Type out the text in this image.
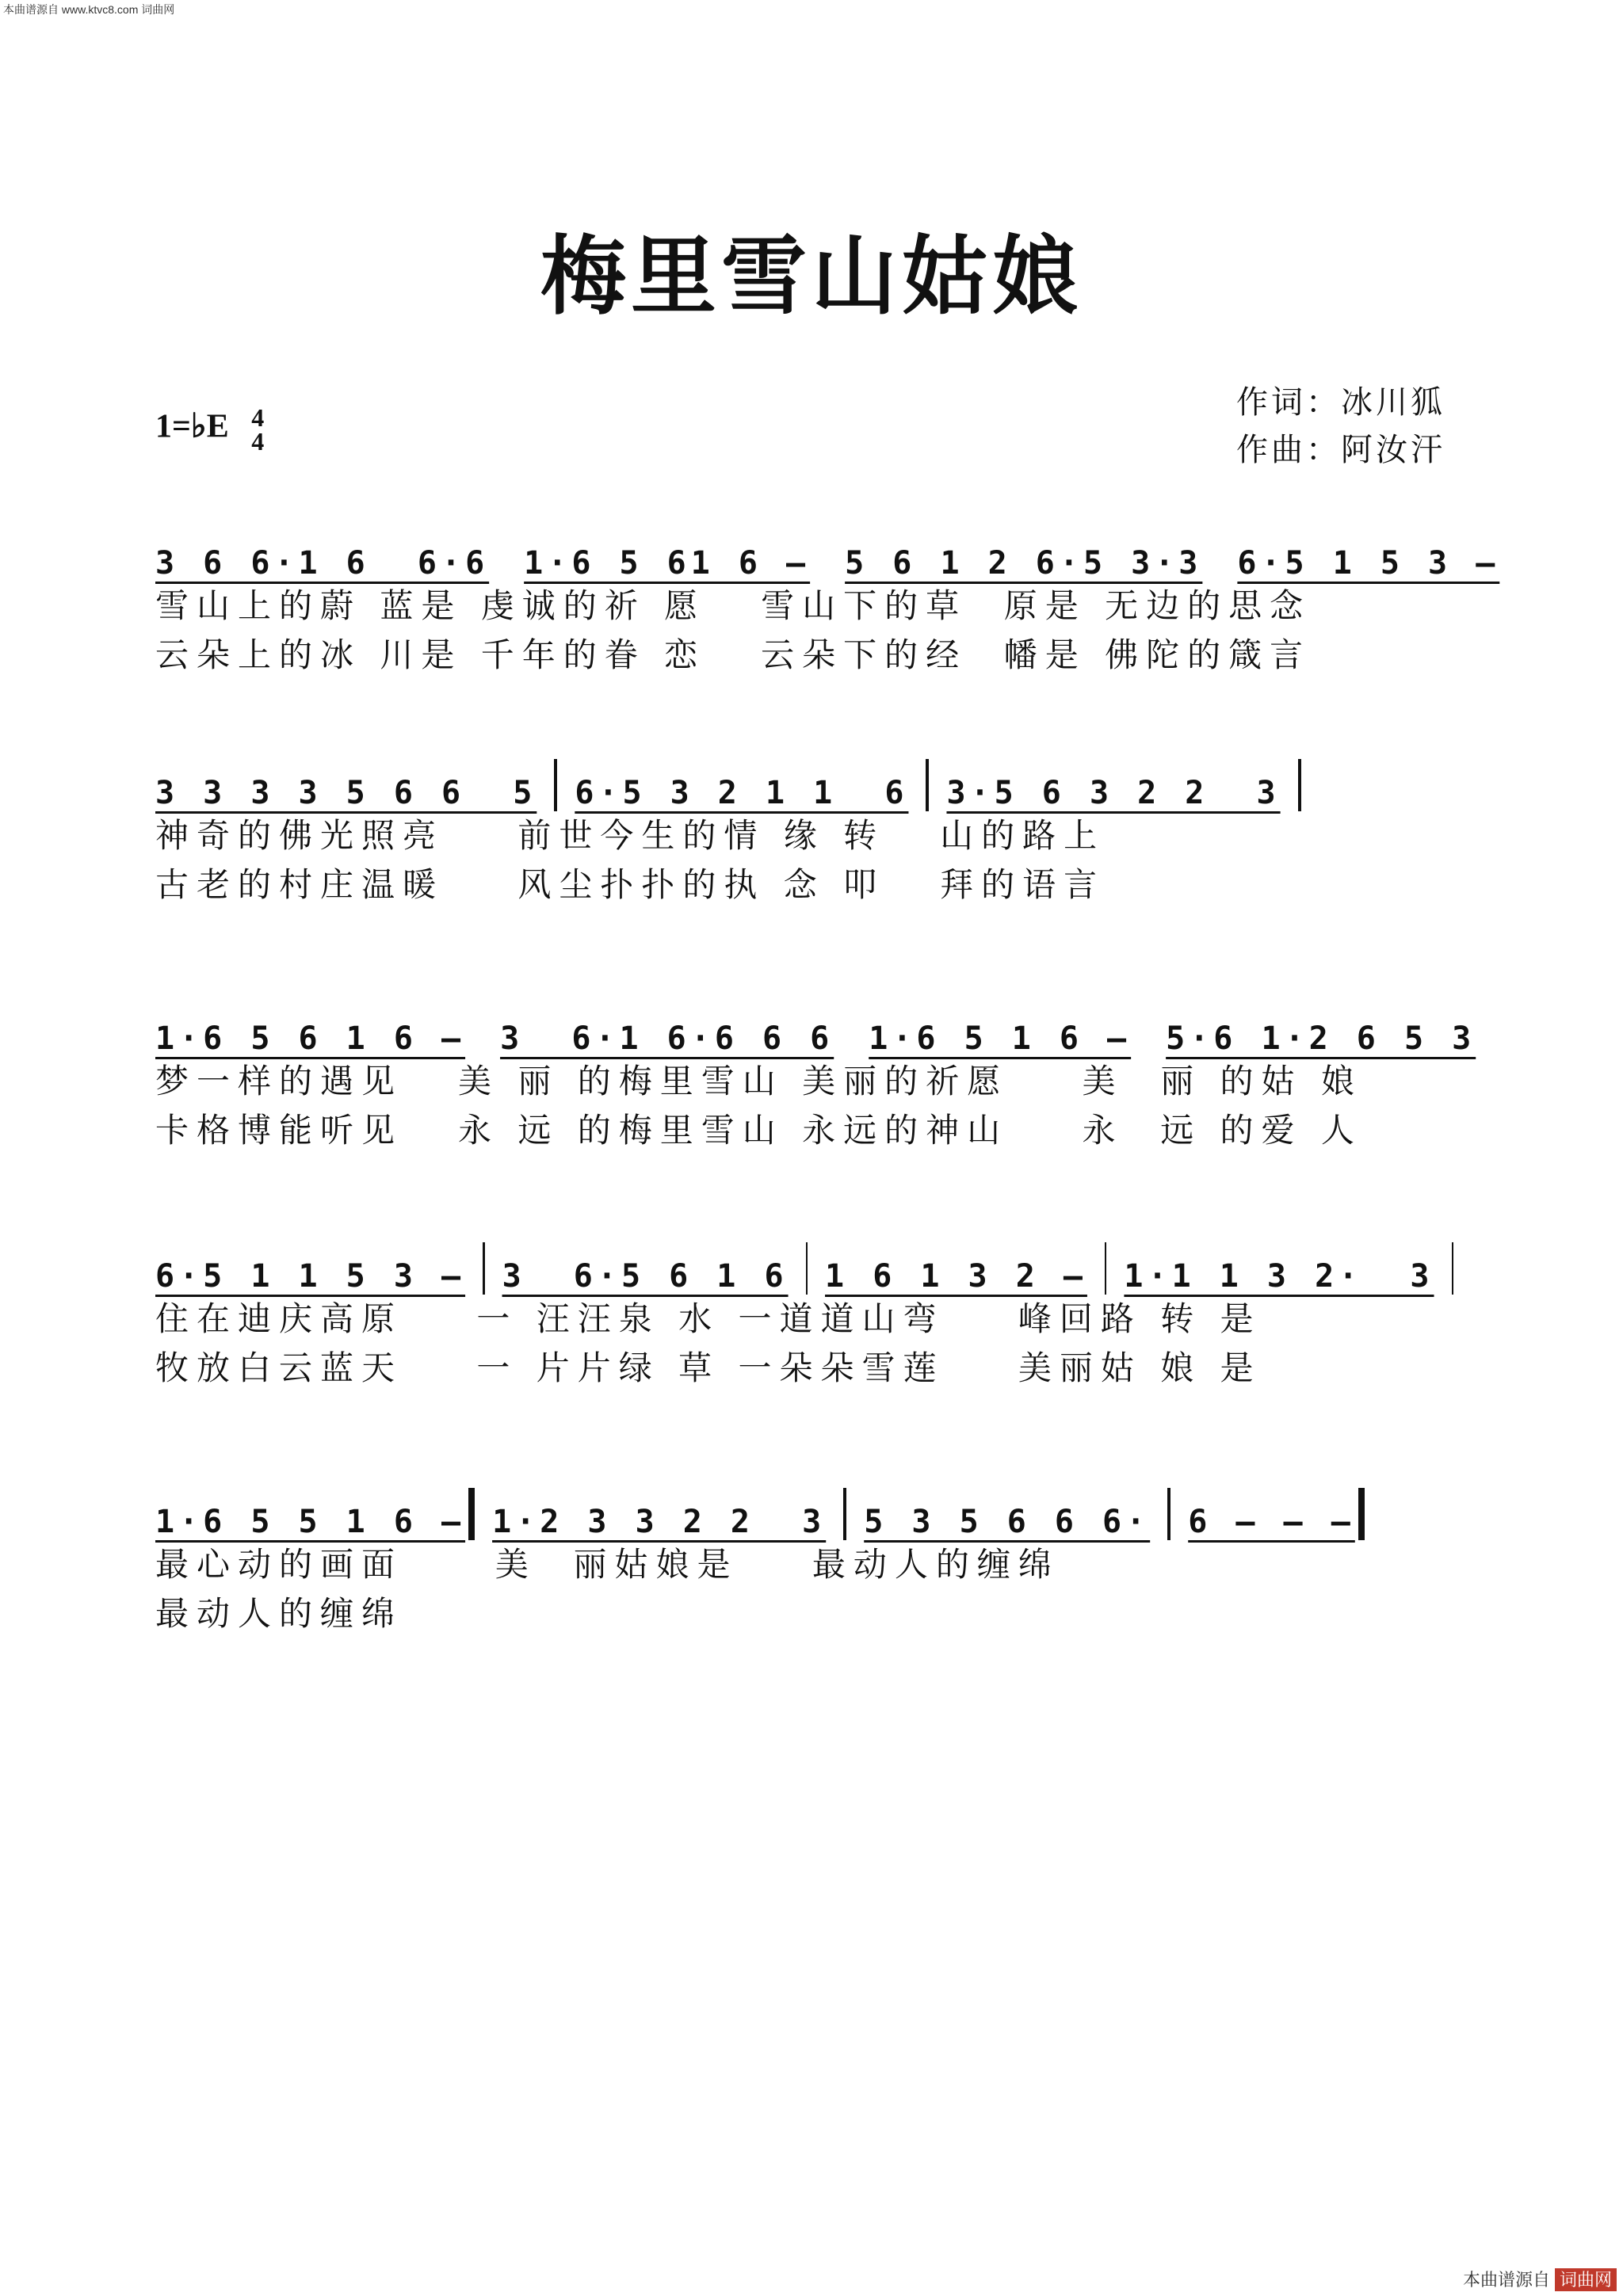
本曲谱源自 www.ktvc8.com 词曲网
梅里雪山姑娘
1=♭E 4
4
作词：冰川狐
作曲：阿汝汗
3 6 6·1 6  6·6 1·6 5 61 6 – 5 6 1 2 6·5 3·3 6·5 1 5 3 –
雪山上的蔚 蓝是 虔诚的祈 愿   雪山下的草  原是 无边的思念
云朵上的冰 川是 千年的眷 恋   云朵下的经  幡是 佛陀的箴言
3 3 3 3 5 6 6  5 6·5 3 2 1 1  6 3·5 6 3 2 2  3
神奇的佛光照亮    前世今生的情 缘 转   山的路上
古老的村庄温暖    风尘扑扑的执 念 叩   拜的语言
1·6 5 6 1 6 – 3  6·1 6·6 6 6 1·6 5 1 6 – 5·6 1·2 6 5 3
梦一样的遇见   美 丽 的梅里雪山 美丽的祈愿    美  丽 的姑 娘
卡格博能听见   永 远 的梅里雪山 永远的神山    永  远 的爱 人
6·5 1 1 5 3 – 3  6·5 6 1 6 1 6 1 3 2 – 1·1 1 3 2·  3
住在迪庆高原    一 汪汪泉 水 一道道山弯    峰回路 转 是
牧放白云蓝天    一 片片绿 草 一朵朵雪莲    美丽姑 娘 是
1·6 5 5 1 6 – 1·2 3 3 2 2  3 5 3 5 6 6 6· 6 – – –
最心动的画面     美  丽姑娘是    最动人的缠绵
最动人的缠绵
本曲谱源自 词曲网
